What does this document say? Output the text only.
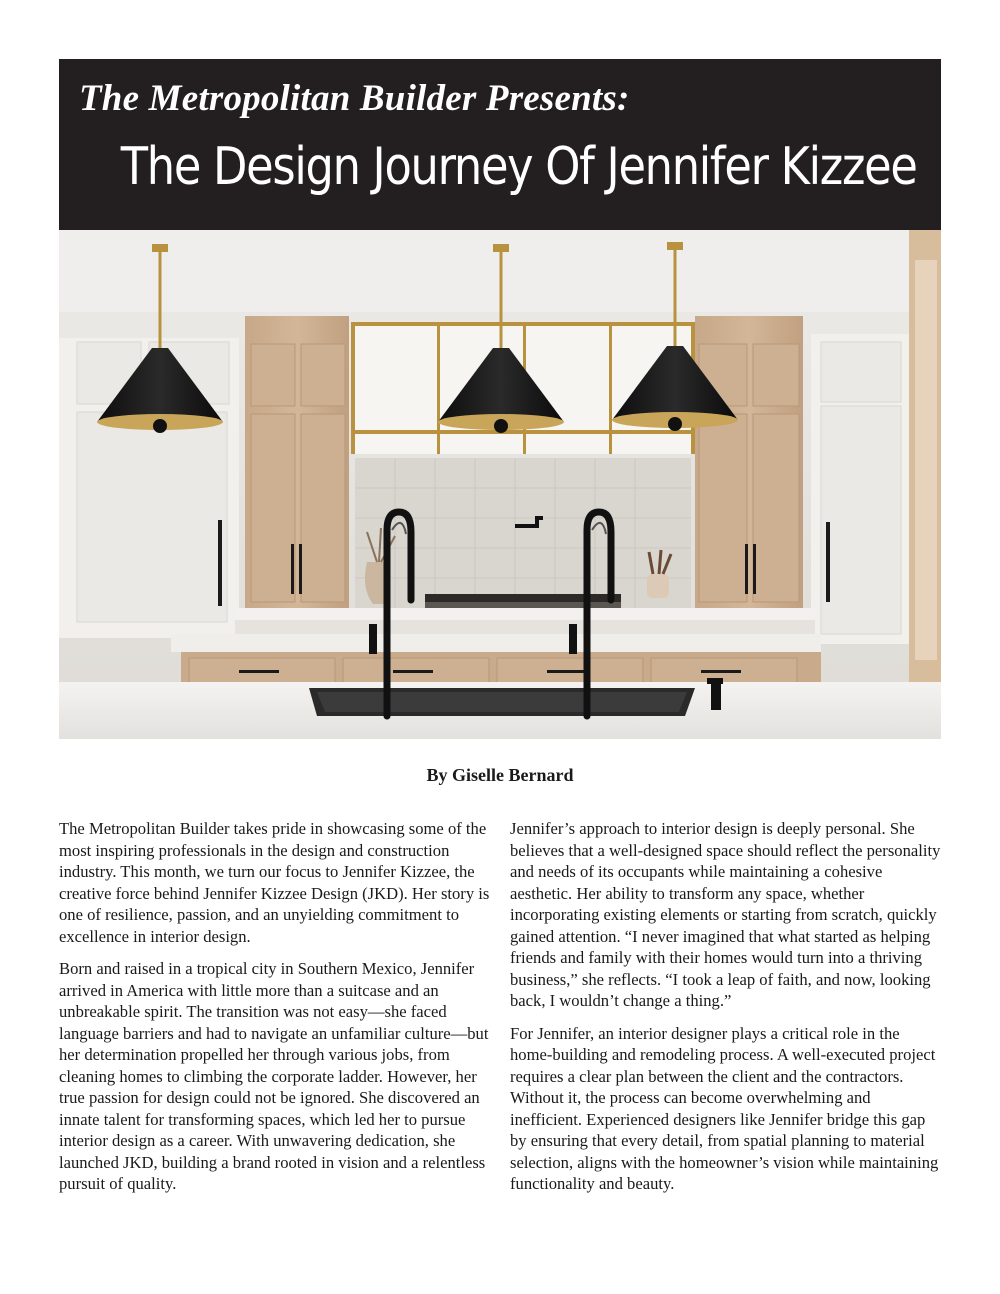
The Metropolitan Builder Presents:
The Design Journey Of Jennifer Kizzee
By Giselle Bernard

The Metropolitan Builder takes pride in showcasing some of the most inspiring professionals in the design and construction industry. This month, we turn our focus to Jennifer Kizzee, the creative force behind Jennifer Kizzee Design (JKD). Her story is one of resilience, passion, and an unyielding commitment to excellence in interior design.

Born and raised in a tropical city in Southern Mexico, Jennifer arrived in America with little more than a suitcase and an unbreakable spirit. The transition was not easy—she faced language barriers and had to navigate an unfamiliar culture—but her determination propelled her through various jobs, from cleaning homes to climbing the corporate ladder. However, her true passion for design could not be ignored. She discovered an innate talent for transforming spaces, which led her to pursue interior design as a career. With unwavering dedication, she launched JKD, building a brand rooted in vision and a relentless pursuit of quality.

Jennifer’s approach to interior design is deeply personal. She believes that a well-designed space should reflect the personality and needs of its occupants while maintaining a cohesive aesthetic. Her ability to transform any space, whether incorporating existing elements or starting from scratch, quickly gained attention. “I never imagined that what started as helping friends and family with their homes would turn into a thriving business,” she reflects. “I took a leap of faith, and now, looking back, I wouldn’t change a thing.”

For Jennifer, an interior designer plays a critical role in the home-building and remodeling process. A well-executed project requires a clear plan between the client and the contractors. Without it, the process can become overwhelming and inefficient. Experienced designers like Jennifer bridge this gap by ensuring that every detail, from spatial planning to material selection, aligns with the homeowner’s vision while maintaining functionality and beauty.
